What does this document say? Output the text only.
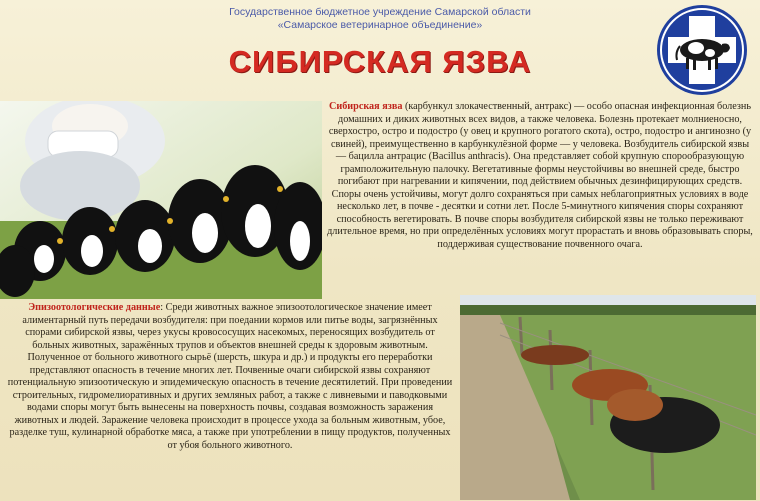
Государственное бюджетное учреждение Самарской области
«Самарское ветеринарное объединение»
СИБИРСКАЯ ЯЗВА

Сибирская язва (карбункул злокачественный, антракс) — особо опасная инфекционная болезнь домашних и диких животных всех видов, а также человека. Болезнь протекает молниеносно, сверхостро, остро и подостро (у овец и крупного рогатого скота), остро, подостро и ангинозно (у свиней), преимущественно в карбункулёзной форме — у человека. Возбудитель сибирской язвы — бацилла антрацис (Bacillus anthracis). Она представляет собой крупную спорообразующую грамположительную палочку. Вегетативные формы неустойчивы во внешней среде, быстро погибают при нагревании и кипячении, под действием обычных дезинфицирующих средств. Споры очень устойчивы, могут долго сохраняться при самых неблагоприятных условиях в воде несколько лет, в почве - десятки и сотни лет. После 5-минутного кипячения споры сохраняют способность вегетировать. В почве споры возбудителя сибирской язвы не только переживают длительное время, но при определённых условиях могут прорастать и вновь образовывать споры, поддерживая существование почвенного очага.

Эпизоотологические данные: Среди животных важное эпизоотологическое значение имеет алиментарный путь передачи возбудителя: при поедании кормов или питье воды, загрязнённых спорами сибирской язвы, через укусы кровососущих насекомых, переносящих возбудитель от больных животных, заражённых трупов и объектов внешней среды к здоровым животным. Полученное от больного животного сырьё (шерсть, шкура и др.) и продукты его переработки представляют опасность в течение многих лет. Почвенные очаги сибирской язвы сохраняют потенциальную эпизоотическую и эпидемическую опасность в течение десятилетий. При проведении строительных, гидромелиоративных и других земляных работ, а также с ливневыми и паводковыми водами споры могут быть вынесены на поверхность почвы, создавая возможность заражения животных и людей. Заражение человека происходит в процессе ухода за больным животным, убое, разделке туш, кулинарной обработке мяса, а также при употреблении в пищу продуктов, полученных от убоя больного животного.
